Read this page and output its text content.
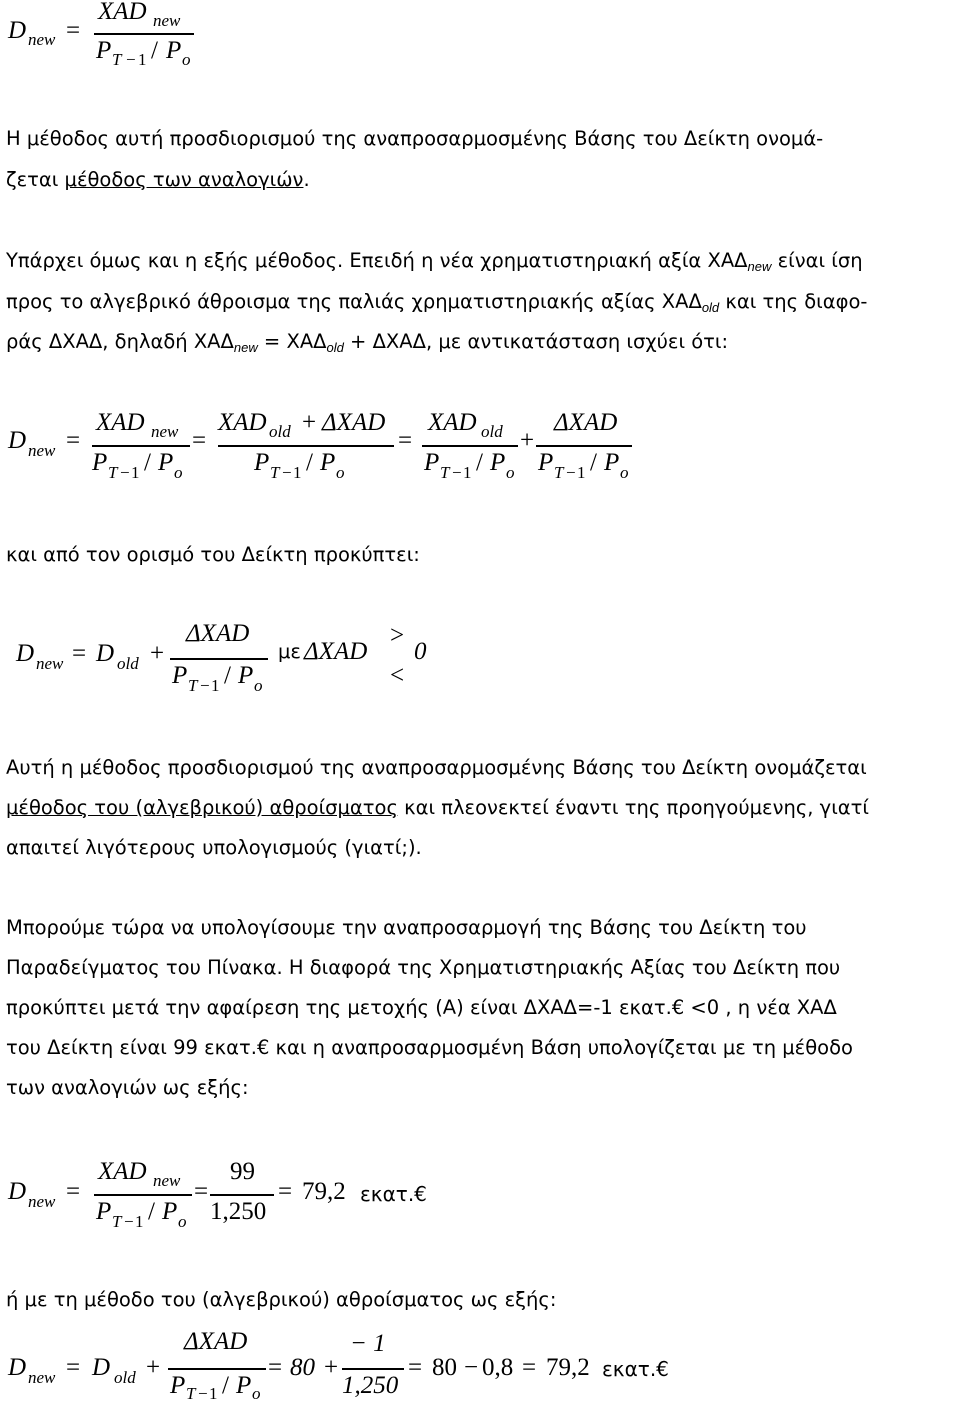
D new =
XAD new
P T − 1 / P o
Η μέθοδος αυτή προσδιορισμού της αναπροσαρμοσμένης Βάσης του Δείκτη ονομά-
ζεται μέθοδος των αναλογιών.
Υπάρχει όμως και η εξής μέθοδος. Επειδή η νέα χρηματιστηριακή αξία $XA\Delta_{new}$ είναι ίση
προς το αλγεβρικό άθροισμα της παλιάς χρηματιστηριακής αξίας $XA\Delta_{old}$ και της διαφο-
ράς ΔΧΑΔ, δηλαδή $XA\Delta_{new} = XA\Delta_{old} + \Delta XA\Delta$, με αντικατάσταση ισχύει ότι:
D new =
XAD new
P T − 1 / P o
=
XAD old + ΔXAD
P T − 1 / P o
=
XAD old
P T − 1 / P o
+
ΔXAD
P T − 1 / P o
και από τον ορισμό του Δείκτη προκύπτει:
D new = D old +
ΔXAD
P T − 1 / P o
με ΔXAD
>
0
<
Αυτή η μέθοδος προσδιορισμού της αναπροσαρμοσμένης Βάσης του Δείκτη ονομάζεται
μέθοδος του (αλγεβρικού) αθροίσματος και πλεονεκτεί έναντι της προηγούμενης, γιατί
απαιτεί λιγότερους υπολογισμούς (γιατί;).
Μπορούμε τώρα να υπολογίσουμε την αναπροσαρμογή της Βάσης του Δείκτη του
Παραδείγματος του Πίνακα. Η διαφορά της Χρηματιστηριακής Αξίας του Δείκτη που
προκύπτει μετά την αφαίρεση της μετοχής (Α) είναι ΔΧΑΔ=-1 εκατ.€ <0 , η νέα ΧΑΔ
του Δείκτη είναι 99 εκατ.€ και η αναπροσαρμοσμένη Βάση υπολογίζεται με τη μέθοδο
των αναλογιών ως εξής:
D new =
XAD new
P T − 1 / P o
=
99
1,250
= 79,2 εκατ.€
ή με τη μέθοδο του (αλγεβρικού) αθροίσματος ως εξής:
D new = D old +
ΔXAD
P T − 1 / P o
= 80 +
− 1
1,250
= 80 − 0,8 = 79,2 εκατ.€
